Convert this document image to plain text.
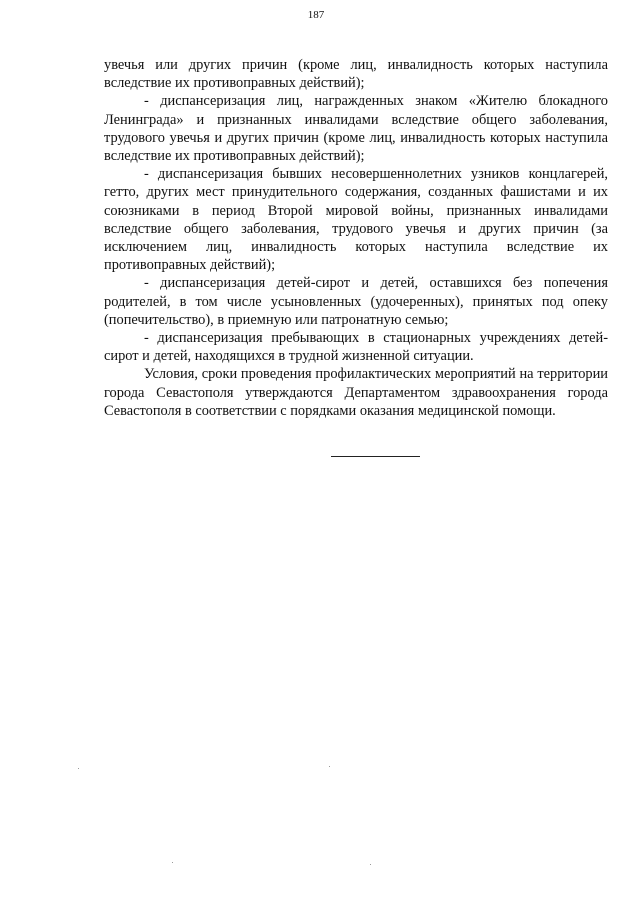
187

увечья или других причин (кроме лиц, инвалидность которых наступила вследствие их противоправных действий);

- диспансеризация лиц, награжденных знаком «Жителю блокадного Ленинграда» и признанных инвалидами вследствие общего заболевания, трудового увечья и других причин (кроме лиц, инвалидность которых наступила вследствие их противоправных действий);

- диспансеризация бывших несовершеннолетних узников концлагерей, гетто, других мест принудительного содержания, созданных фашистами и их союзниками в период Второй мировой войны, признанных инвалидами вследствие общего заболевания, трудового увечья и других причин (за исключением лиц, инвалидность которых наступила вследствие их противоправных действий);

- диспансеризация детей-сирот и детей, оставшихся без попечения родителей, в том числе усыновленных (удочеренных), принятых под опеку (попечительство), в приемную или патронатную семью;

- диспансеризация пребывающих в стационарных учреждениях детей-сирот и детей, находящихся в трудной жизненной ситуации.

Условия, сроки проведения профилактических мероприятий на территории города Севастополя утверждаются Департаментом здравоохранения города Севастополя в соответствии с порядками оказания медицинской помощи.
